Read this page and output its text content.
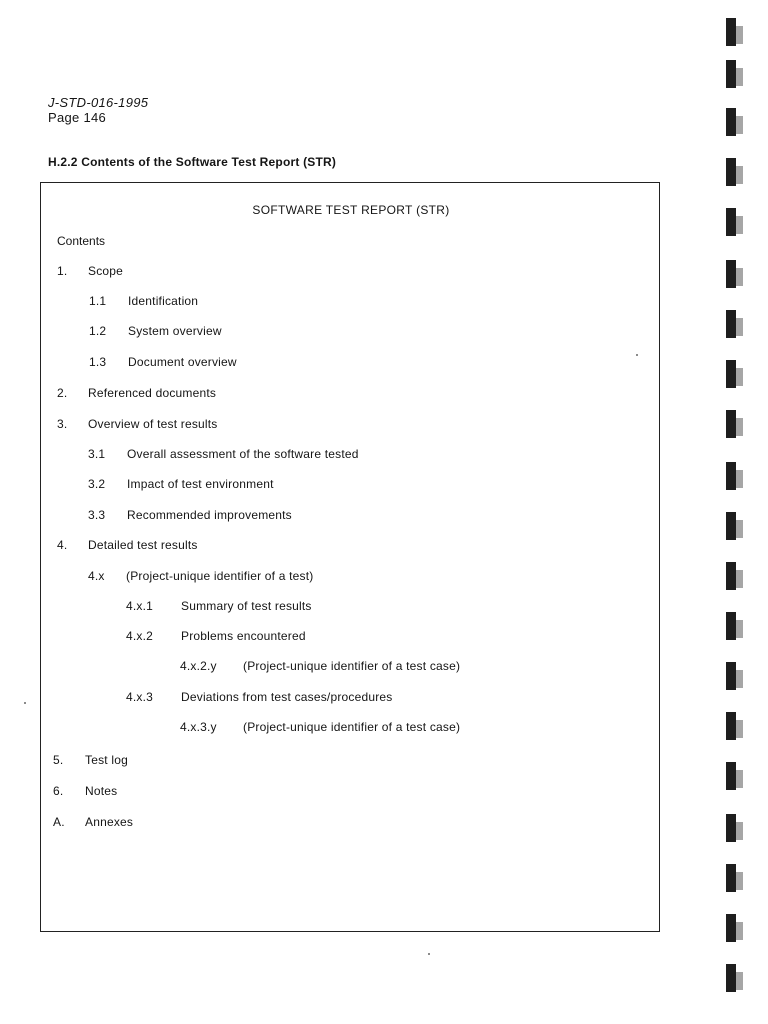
J-STD-016-1995
Page 146
H.2.2 Contents of the Software Test Report (STR)
SOFTWARE TEST REPORT (STR)
Contents
1. Scope
1.1 Identification
1.2 System overview
1.3 Document overview
2. Referenced documents
3. Overview of test results
3.1 Overall assessment of the software tested
3.2 Impact of test environment
3.3 Recommended improvements
4. Detailed test results
4.x (Project-unique identifier of a test)
4.x.1 Summary of test results
4.x.2 Problems encountered
4.x.2.y (Project-unique identifier of a test case)
4.x.3 Deviations from test cases/procedures
4.x.3.y (Project-unique identifier of a test case)
5. Test log
6. Notes
A. Annexes
